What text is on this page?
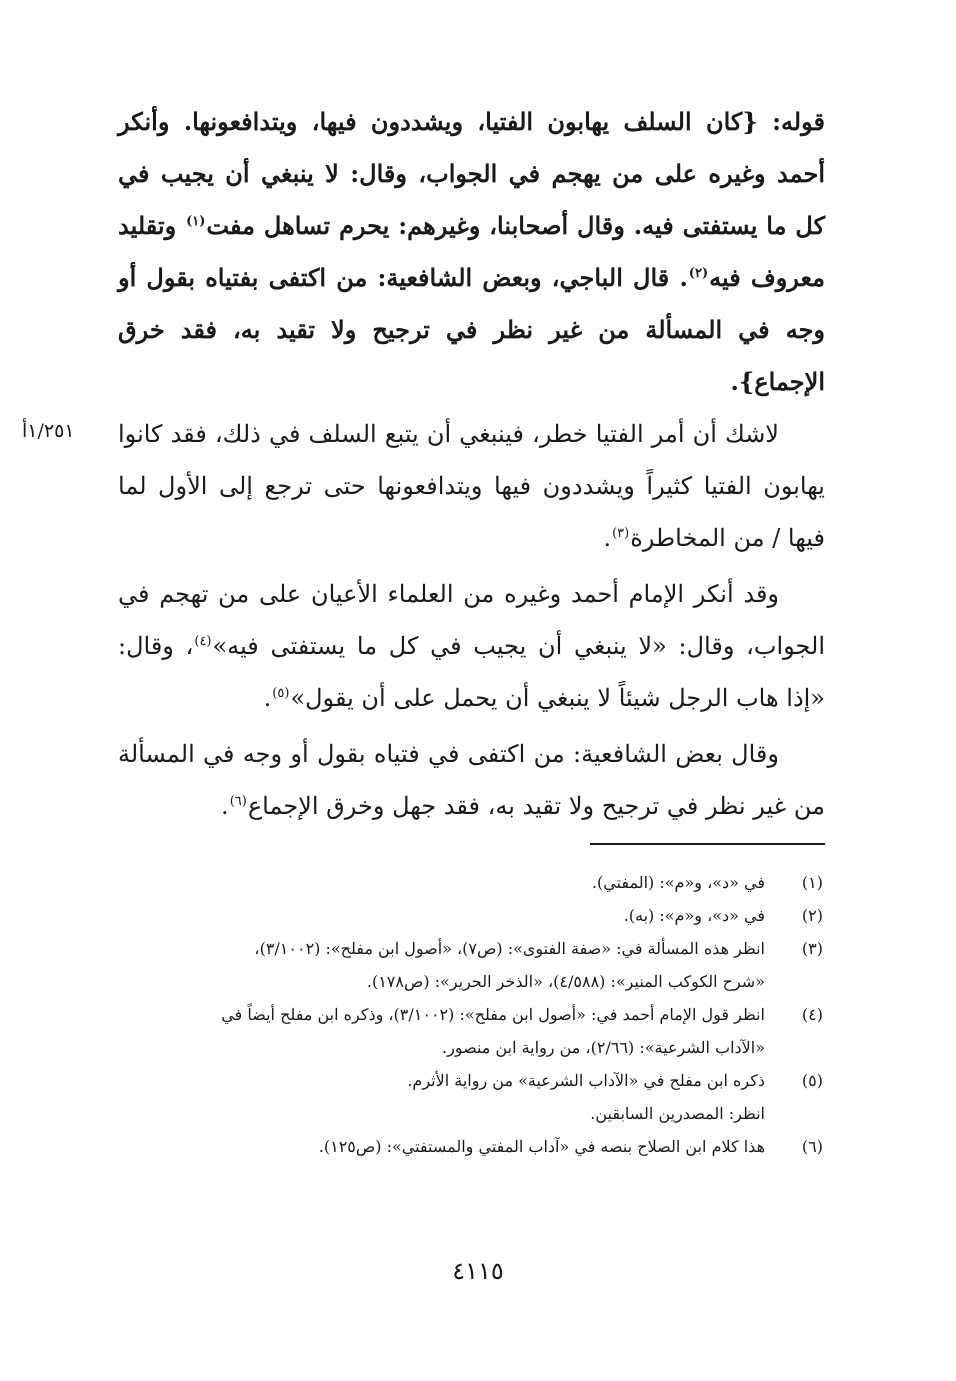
قوله: {كان السلف يهابون الفتيا، ويشددون فيها، ويتدافعونها. وأنكر أحمد وغيره على من يهجم في الجواب، وقال: لا ينبغي أن يجيب في كل ما يستفتى فيه. وقال أصحابنا، وغيرهم: يحرم تساهل مفت$^{(١)}$ وتقليد معروف فيه$^{(٢)}$. قال الباجي، وبعض الشافعية: من اكتفى بفتياه بقول أو وجه في المسألة من غير نظر في ترجيح ولا تقيد به، فقد خرق الإجماع}.

لاشك أن أمر الفتيا خطر، فينبغي أن يتبع السلف في ذلك، فقد كانوا يهابون الفتيا كثيراً ويشددون فيها ويتدافعونها حتى ترجع إلى الأول لما فيها / من المخاطرة$^{(٣)}$.

وقد أنكر الإمام أحمد وغيره من العلماء الأعيان على من تهجم في الجواب، وقال: «لا ينبغي أن يجيب في كل ما يستفتى فيه»$^{(٤)}$، وقال: «إذا هاب الرجل شيئاً لا ينبغي أن يحمل على أن يقول»$^{(٥)}$.

وقال بعض الشافعية: من اكتفى في فتياه بقول أو وجه في المسألة من غير نظر في ترجيح ولا تقيد به، فقد جهل وخرق الإجماع$^{(٦)}$.

١/٢٥١أ
(١)
في «د»، و«م»: (المفتي).
(٢)
في «د»، و«م»: (به).
(٣)
انظر هذه المسألة في: «صفة الفتوى»: (ص٧)، «أصول ابن مفلح»: (٣/١٠٠٢)،
«شرح الكوكب المنير»: (٤/٥٨٨)، «الذخر الحرير»: (ص١٧٨).
(٤)
انظر قول الإمام أحمد في: «أصول ابن مفلح»: (٣/١٠٠٢)، وذكره ابن مفلح أيضاً في
«الآداب الشرعية»: (٢/٦٦)، من رواية ابن منصور.
(٥)
ذكره ابن مفلح في «الآداب الشرعية» من رواية الأثرم.
انظر: المصدرين السابقين.
(٦)
هذا كلام ابن الصلاح بنصه في «آداب المفتي والمستفتي»: (ص١٢٥).
٤١١٥
